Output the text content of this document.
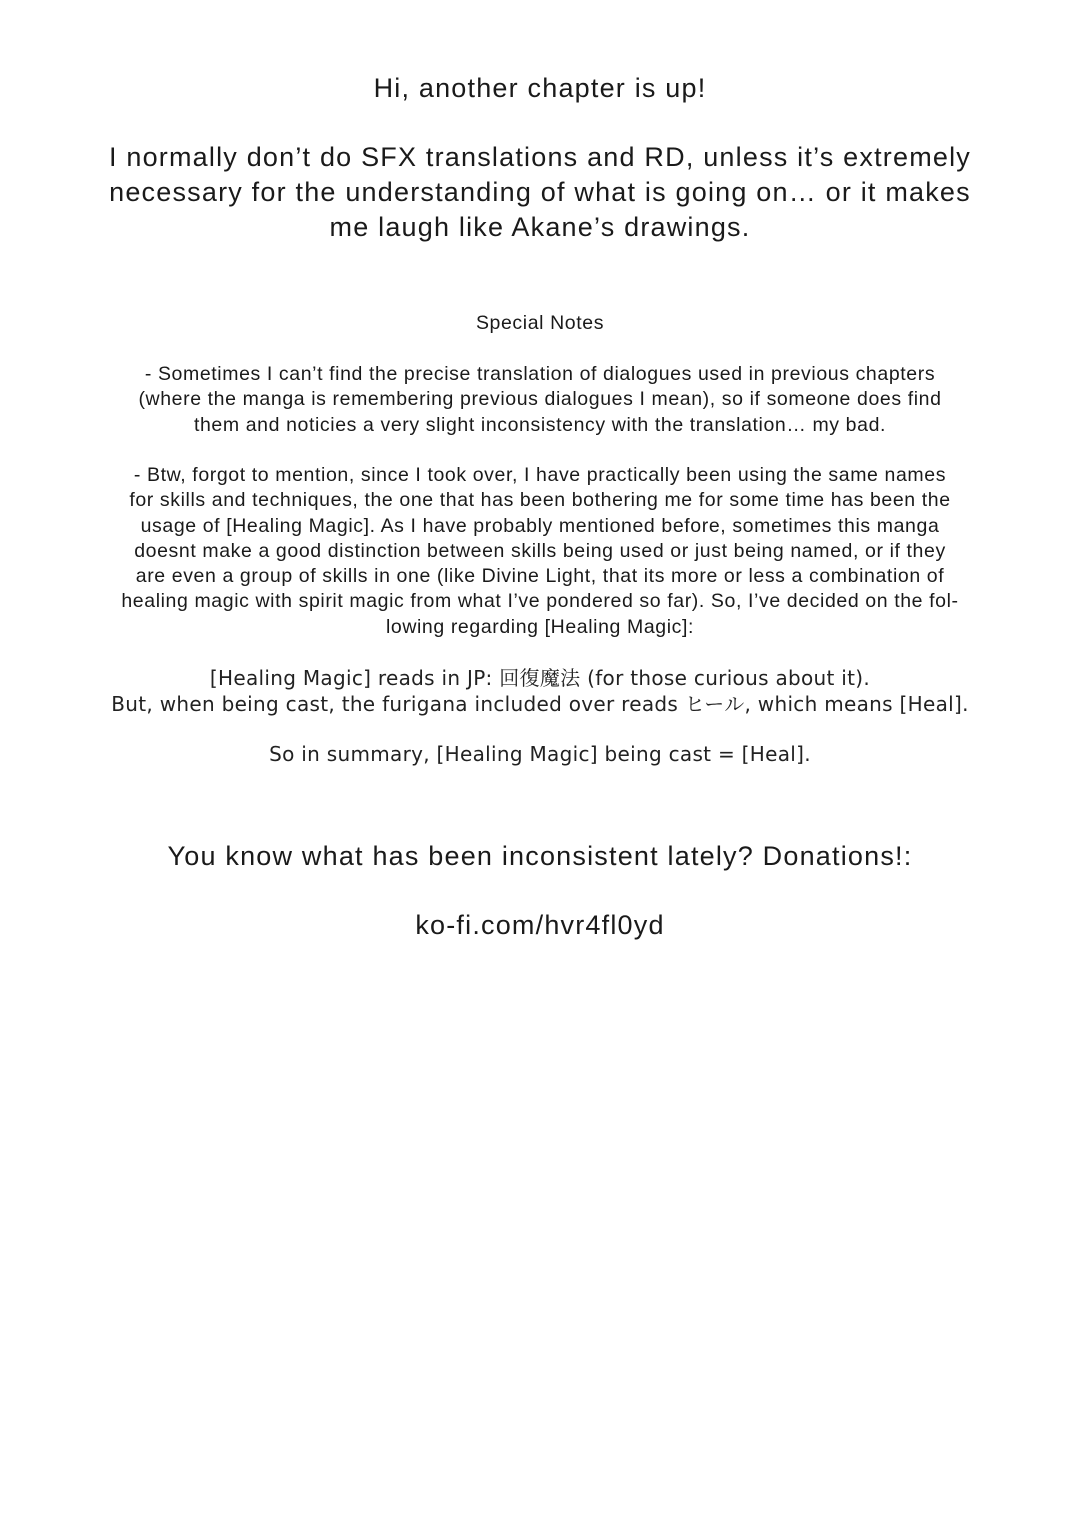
Hi, another chapter is up!

I normally don’t do SFX translations and RD, unless it’s extremely
necessary for the understanding of what is going on… or it makes
me laugh like Akane’s drawings.

Special Notes

- Sometimes I can’t find the precise translation of dialogues used in previous chapters
(where the manga is remembering previous dialogues I mean), so if someone does find
them and noticies a very slight inconsistency with the translation… my bad.

- Btw, forgot to mention, since I took over, I have practically been using the same names
for skills and techniques, the one that has been bothering me for some time has been the
usage of [Healing Magic]. As I have probably mentioned before, sometimes this manga
doesnt make a good distinction between skills being used or just being named, or if they
are even a group of skills in one (like Divine Light, that its more or less a combination of
healing magic with spirit magic from what I’ve pondered so far). So, I’ve decided on the fol-
lowing regarding [Healing Magic]:

[Healing Magic] reads in JP: 回復魔法 (for those curious about it).
But, when being cast, the furigana included over reads ヒール, which means [Heal].

So in summary, [Healing Magic] being cast = [Heal].

You know what has been inconsistent lately? Donations!:

ko-fi.com/hvr4fl0yd
